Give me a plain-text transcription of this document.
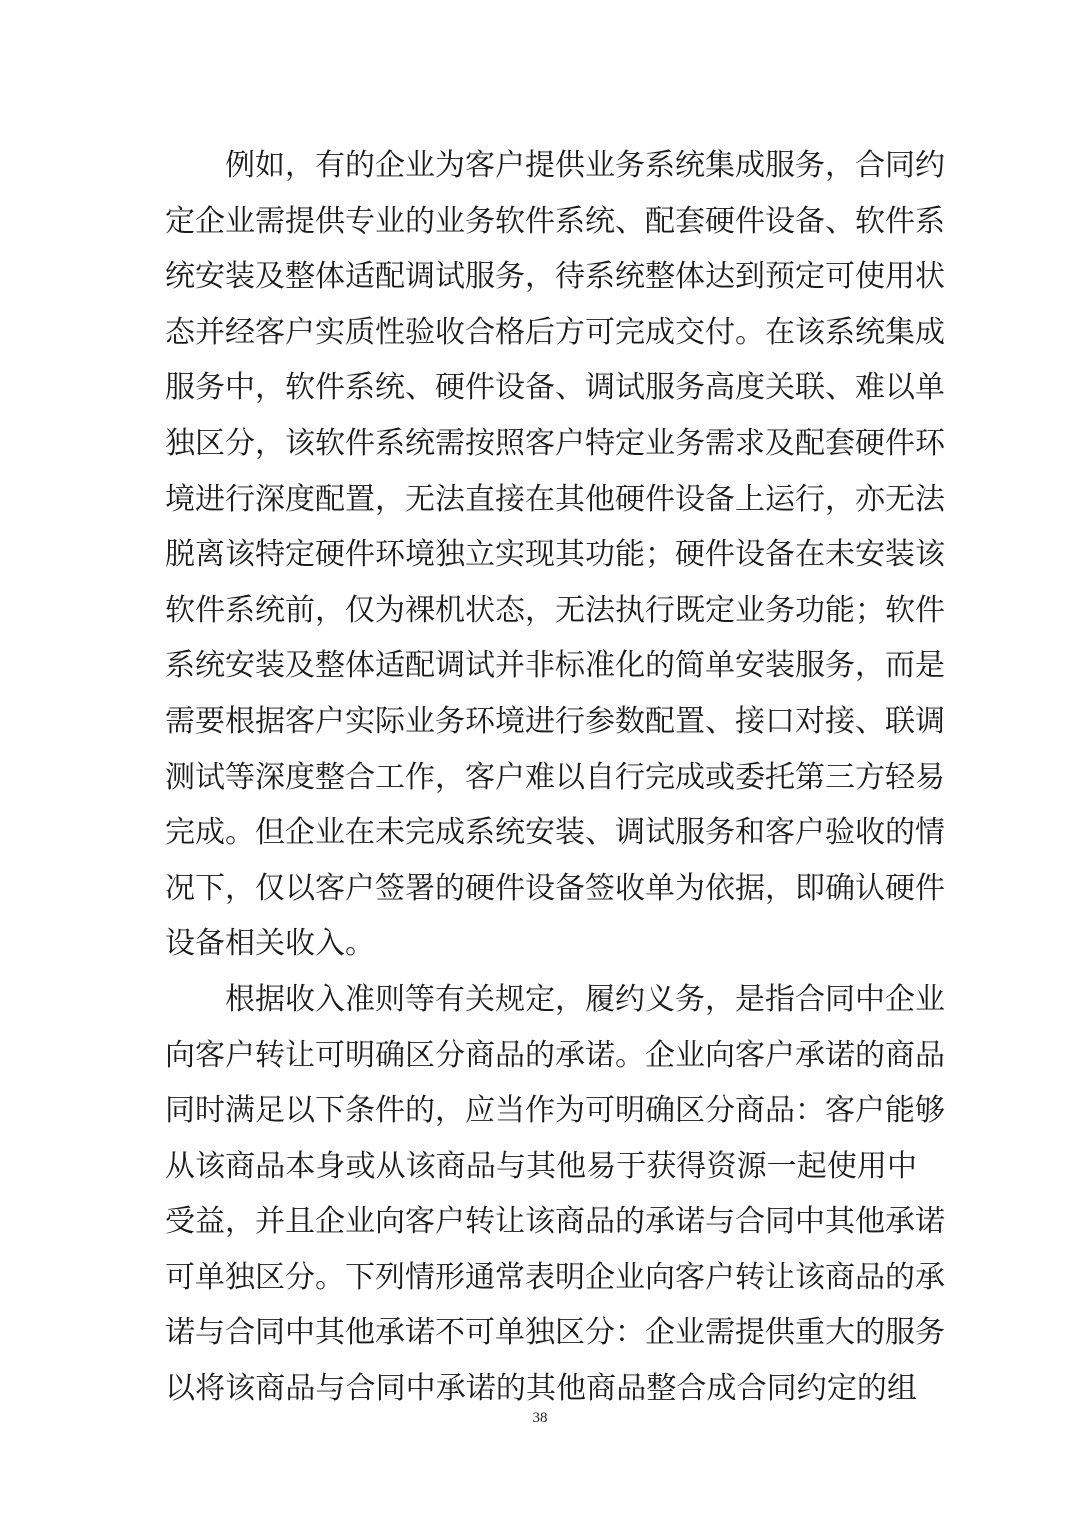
例如，有的企业为客户提供业务系统集成服务，合同约
定企业需提供专业的业务软件系统、配套硬件设备、软件系
统安装及整体适配调试服务，待系统整体达到预定可使用状
态并经客户实质性验收合格后方可完成交付。在该系统集成
服务中，软件系统、硬件设备、调试服务高度关联、难以单
独区分，该软件系统需按照客户特定业务需求及配套硬件环
境进行深度配置，无法直接在其他硬件设备上运行，亦无法
脱离该特定硬件环境独立实现其功能；硬件设备在未安装该
软件系统前，仅为裸机状态，无法执行既定业务功能；软件
系统安装及整体适配调试并非标准化的简单安装服务，而是
需要根据客户实际业务环境进行参数配置、接口对接、联调
测试等深度整合工作，客户难以自行完成或委托第三方轻易
完成。但企业在未完成系统安装、调试服务和客户验收的情
况下，仅以客户签署的硬件设备签收单为依据，即确认硬件
设备相关收入。
根据收入准则等有关规定，履约义务，是指合同中企业
向客户转让可明确区分商品的承诺。企业向客户承诺的商品
同时满足以下条件的，应当作为可明确区分商品：客户能够
从该商品本身或从该商品与其他易于获得资源一起使用中
受益，并且企业向客户转让该商品的承诺与合同中其他承诺
可单独区分。下列情形通常表明企业向客户转让该商品的承
诺与合同中其他承诺不可单独区分：企业需提供重大的服务
以将该商品与合同中承诺的其他商品整合成合同约定的组
38
